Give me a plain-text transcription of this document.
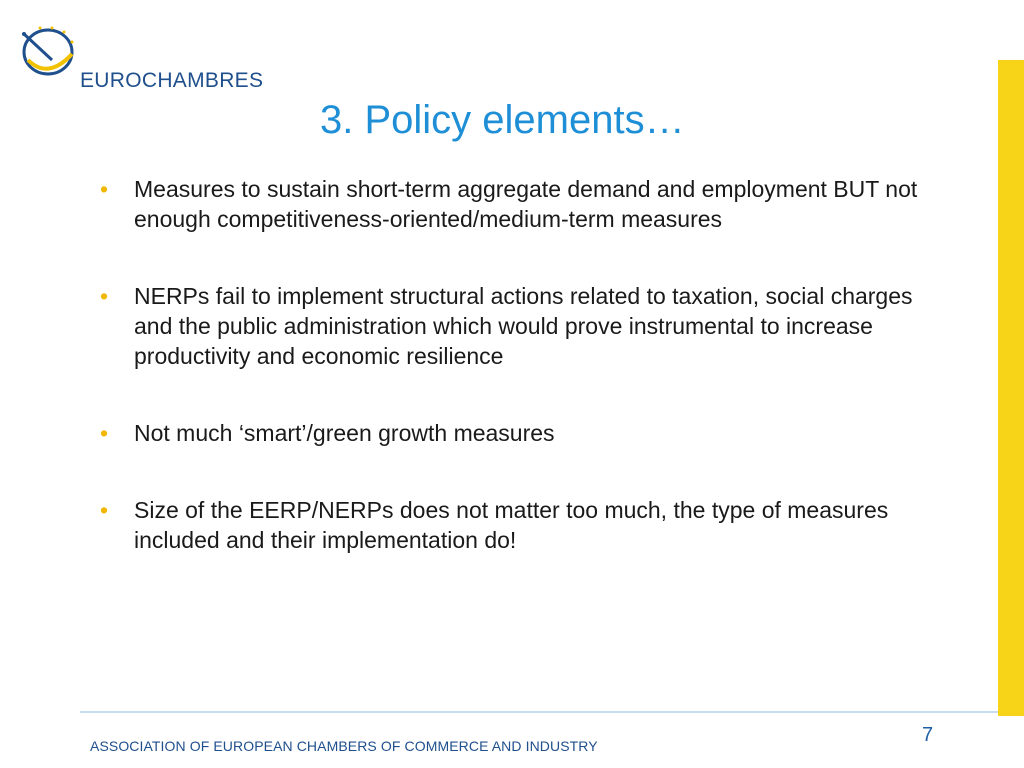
EUROCHAMBRES
3. Policy elements…
• Measures to sustain short-term aggregate demand and employment BUT not enough competitiveness-oriented/medium-term measures
• NERPs fail to implement structural actions related to taxation, social charges and the public administration which would prove instrumental to increase productivity and economic resilience
• Not much ‘smart’/green growth measures
• Size of the EERP/NERPs does not matter too much, the type of measures included and their implementation do!
7
ASSOCIATION OF EUROPEAN CHAMBERS OF COMMERCE AND INDUSTRY
